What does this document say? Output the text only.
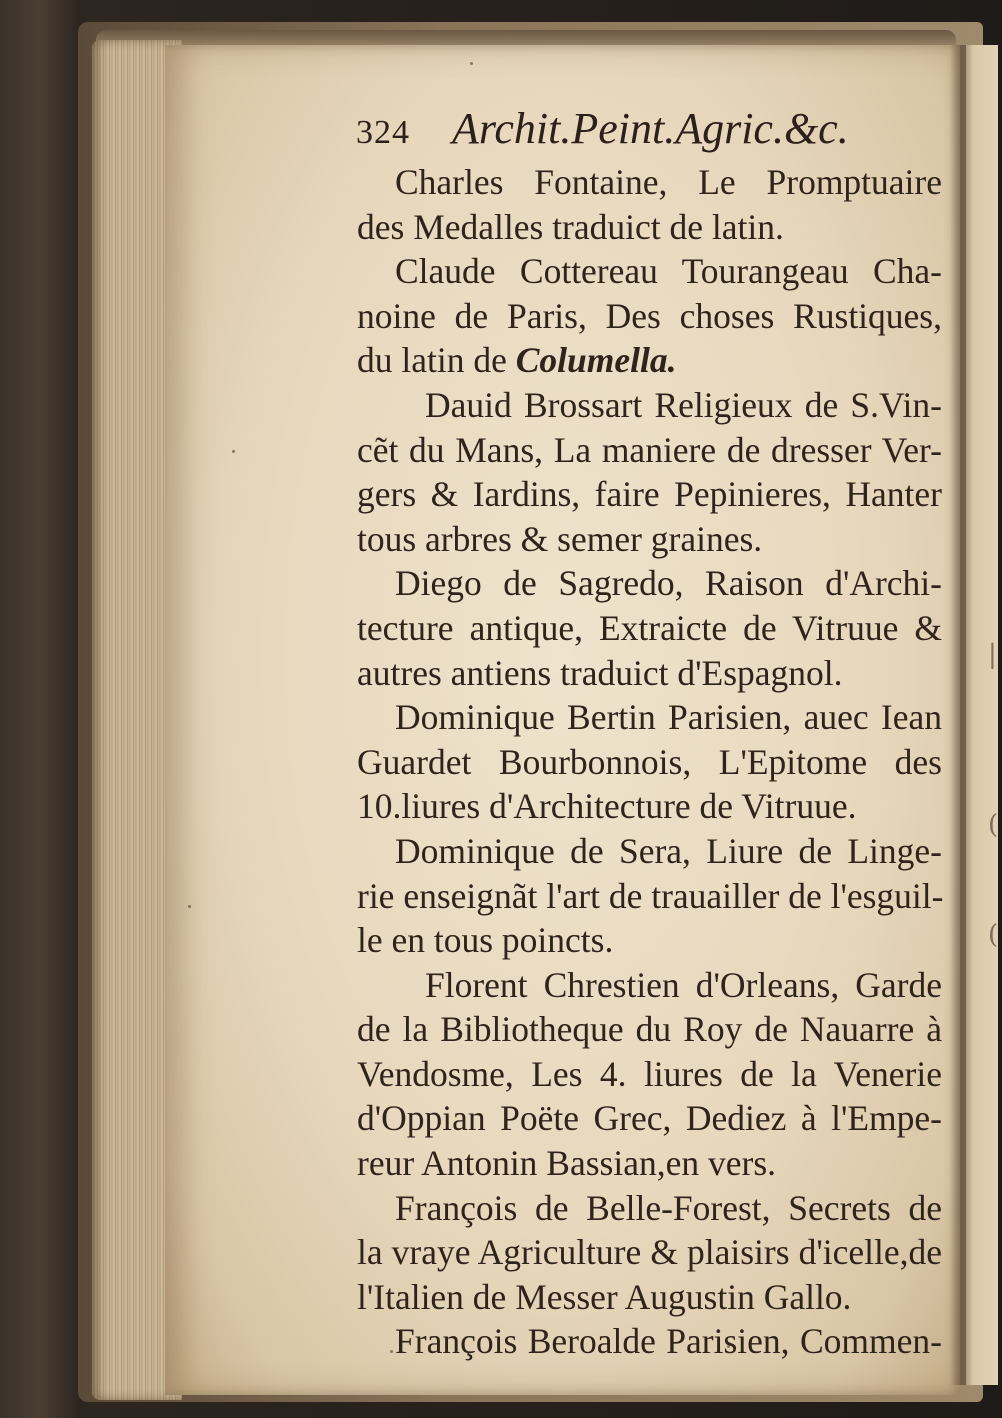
|
(
(
324 Archit.Peint.Agric.&c.
Charles Fontaine, Le Promptuaire
des Medalles traduict de latin.
Claude Cottereau Tourangeau Cha-
noine de Paris, Des choses Rustiques,
du latin de Columella.
Dauid Brossart Religieux de S.Vin-
cẽt du Mans, La maniere de dresser Ver-
gers & Iardins, faire Pepinieres, Hanter
tous arbres & semer graines.
Diego de Sagredo, Raison d'Archi-
tecture antique, Extraicte de Vitruue &
autres antiens traduict d'Espagnol.
Dominique Bertin Parisien, auec Iean
Guardet Bourbonnois, L'Epitome des
10.liures d'Architecture de Vitruue.
Dominique de Sera, Liure de Linge-
rie enseignãt l'art de trauailler de l'esguil-
le en tous poincts.
Florent Chrestien d'Orleans, Garde
de la Bibliotheque du Roy de Nauarre à
Vendosme, Les 4. liures de la Venerie
d'Oppian Poëte Grec, Dediez à l'Empe-
reur Antonin Bassian,en vers.
François de Belle-Forest, Secrets de
la vraye Agriculture & plaisirs d'icelle,de
l'Italien de Messer Augustin Gallo.
François Beroalde Parisien, Commen-
